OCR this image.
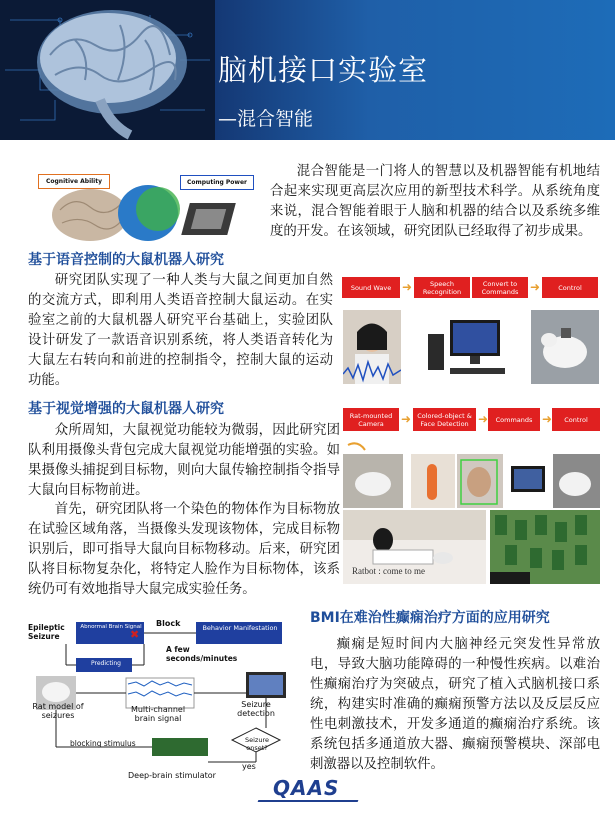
脑机接口实验室
—混合智能
Cognitive Ability	Computing Power
混合智能是一门将人的智慧以及机器智能有机地结合起来实现更高层次应用的新型技术科学。从系统角度来说，混合智能着眼于人脑和机器的结合以及系统多维度的开发。在该领域，研究团队已经取得了初步成果。
基于语音控制的大鼠机器人研究
研究团队实现了一种人类与大鼠之间更加自然的交流方式，即利用人类语音控制大鼠运动。在实验室之前的大鼠机器人研究平台基础上，实验团队设计研发了一款语音识别系统，将人类语音转化为大鼠左右转向和前进的控制指令，控制大鼠的运动功能。
Sound Wave ➜	Speech Recognition
Convert to Commands ➜	Control
基于视觉增强的大鼠机器人研究
众所周知，大鼠视觉功能较为微弱，因此研究团队利用摄像头背包完成大鼠视觉功能增强的实验。如果摄像头捕捉到目标物，则向大鼠传输控制指令指导大鼠向目标物前进。
首先，研究团队将一个染色的物体作为目标物放在试验区域角落，当摄像头发现该物体，完成目标物识别后，即可指导大鼠向目标物移动。后来，研究团队将目标物复杂化，将特定人脸作为目标物体，该系统仍可有效地指导大鼠完成实验任务。
Rat-mounted Camera	➜ Colored-object & Face Detection ➜	Commands ➜	Control
Ratbot : come to me
✖
Epileptic Seizure
Abnormal Brain Signal Block	Behavior Manifestation
A few seconds/minutes
Predicting
Rat model of seizures
Multi-channel brain signal
Seizure detection
Seizure onset?
yes
blocking stimulus
Deep-brain stimulator
BMI在难治性癫痫治疗方面的应用研究
癫痫是短时间内大脑神经元突发性异常放电，导致大脑功能障碍的一种慢性疾病。以难治性癫痫治疗为突破点，研究了植入式脑机接口系统，构建实时准确的癫痫预警方法以及反层反应性电刺激技术，开发多通道的癫痫治疗系统。该系统包括多通道放大器、癫痫预警模块、深部电刺激器以及控制软件。
QAAS
